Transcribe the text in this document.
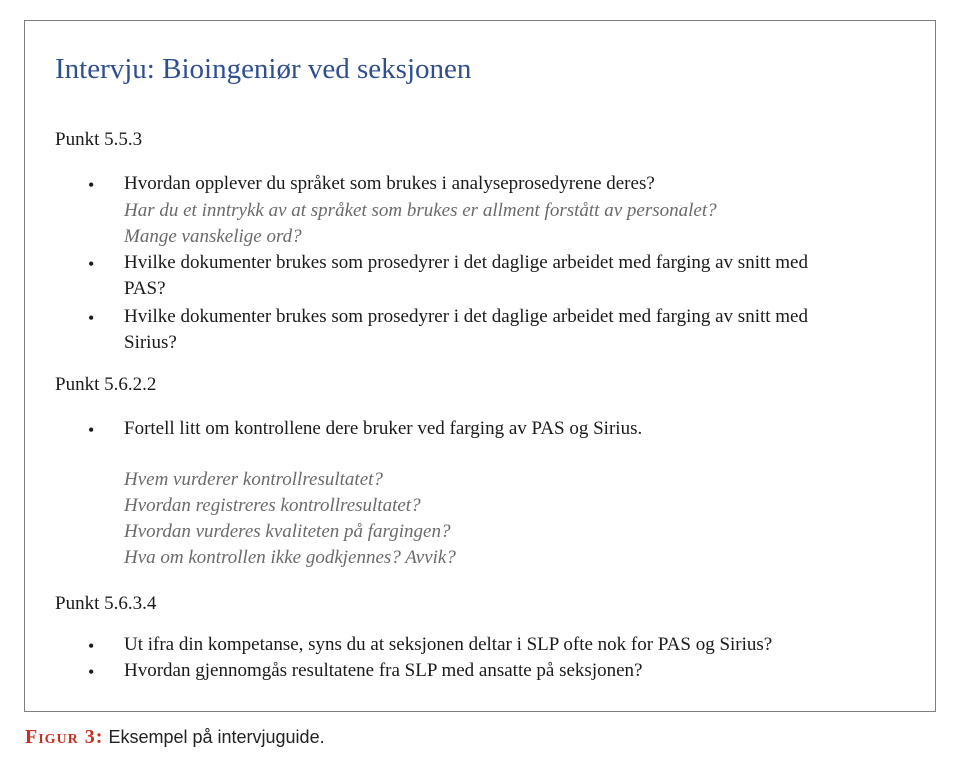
Intervju: Bioingeniør ved seksjonen

Punkt 5.5.3

• Hvordan opplever du språket som brukes i analyseprosedyrene deres?
Har du et inntrykk av at språket som brukes er allment forstått av personalet?
Mange vanskelige ord?
• Hvilke dokumenter brukes som prosedyrer i det daglige arbeidet med farging av snitt med
PAS?
• Hvilke dokumenter brukes som prosedyrer i det daglige arbeidet med farging av snitt med
Sirius?

Punkt 5.6.2.2

• Fortell litt om kontrollene dere bruker ved farging av PAS og Sirius.
Hvem vurderer kontrollresultatet?
Hvordan registreres kontrollresultatet?
Hvordan vurderes kvaliteten på fargingen?
Hva om kontrollen ikke godkjennes? Avvik?

Punkt 5.6.3.4

• Ut ifra din kompetanse, syns du at seksjonen deltar i SLP ofte nok for PAS og Sirius?
• Hvordan gjennomgås resultatene fra SLP med ansatte på seksjonen?
Figur 3: Eksempel på intervjuguide.
